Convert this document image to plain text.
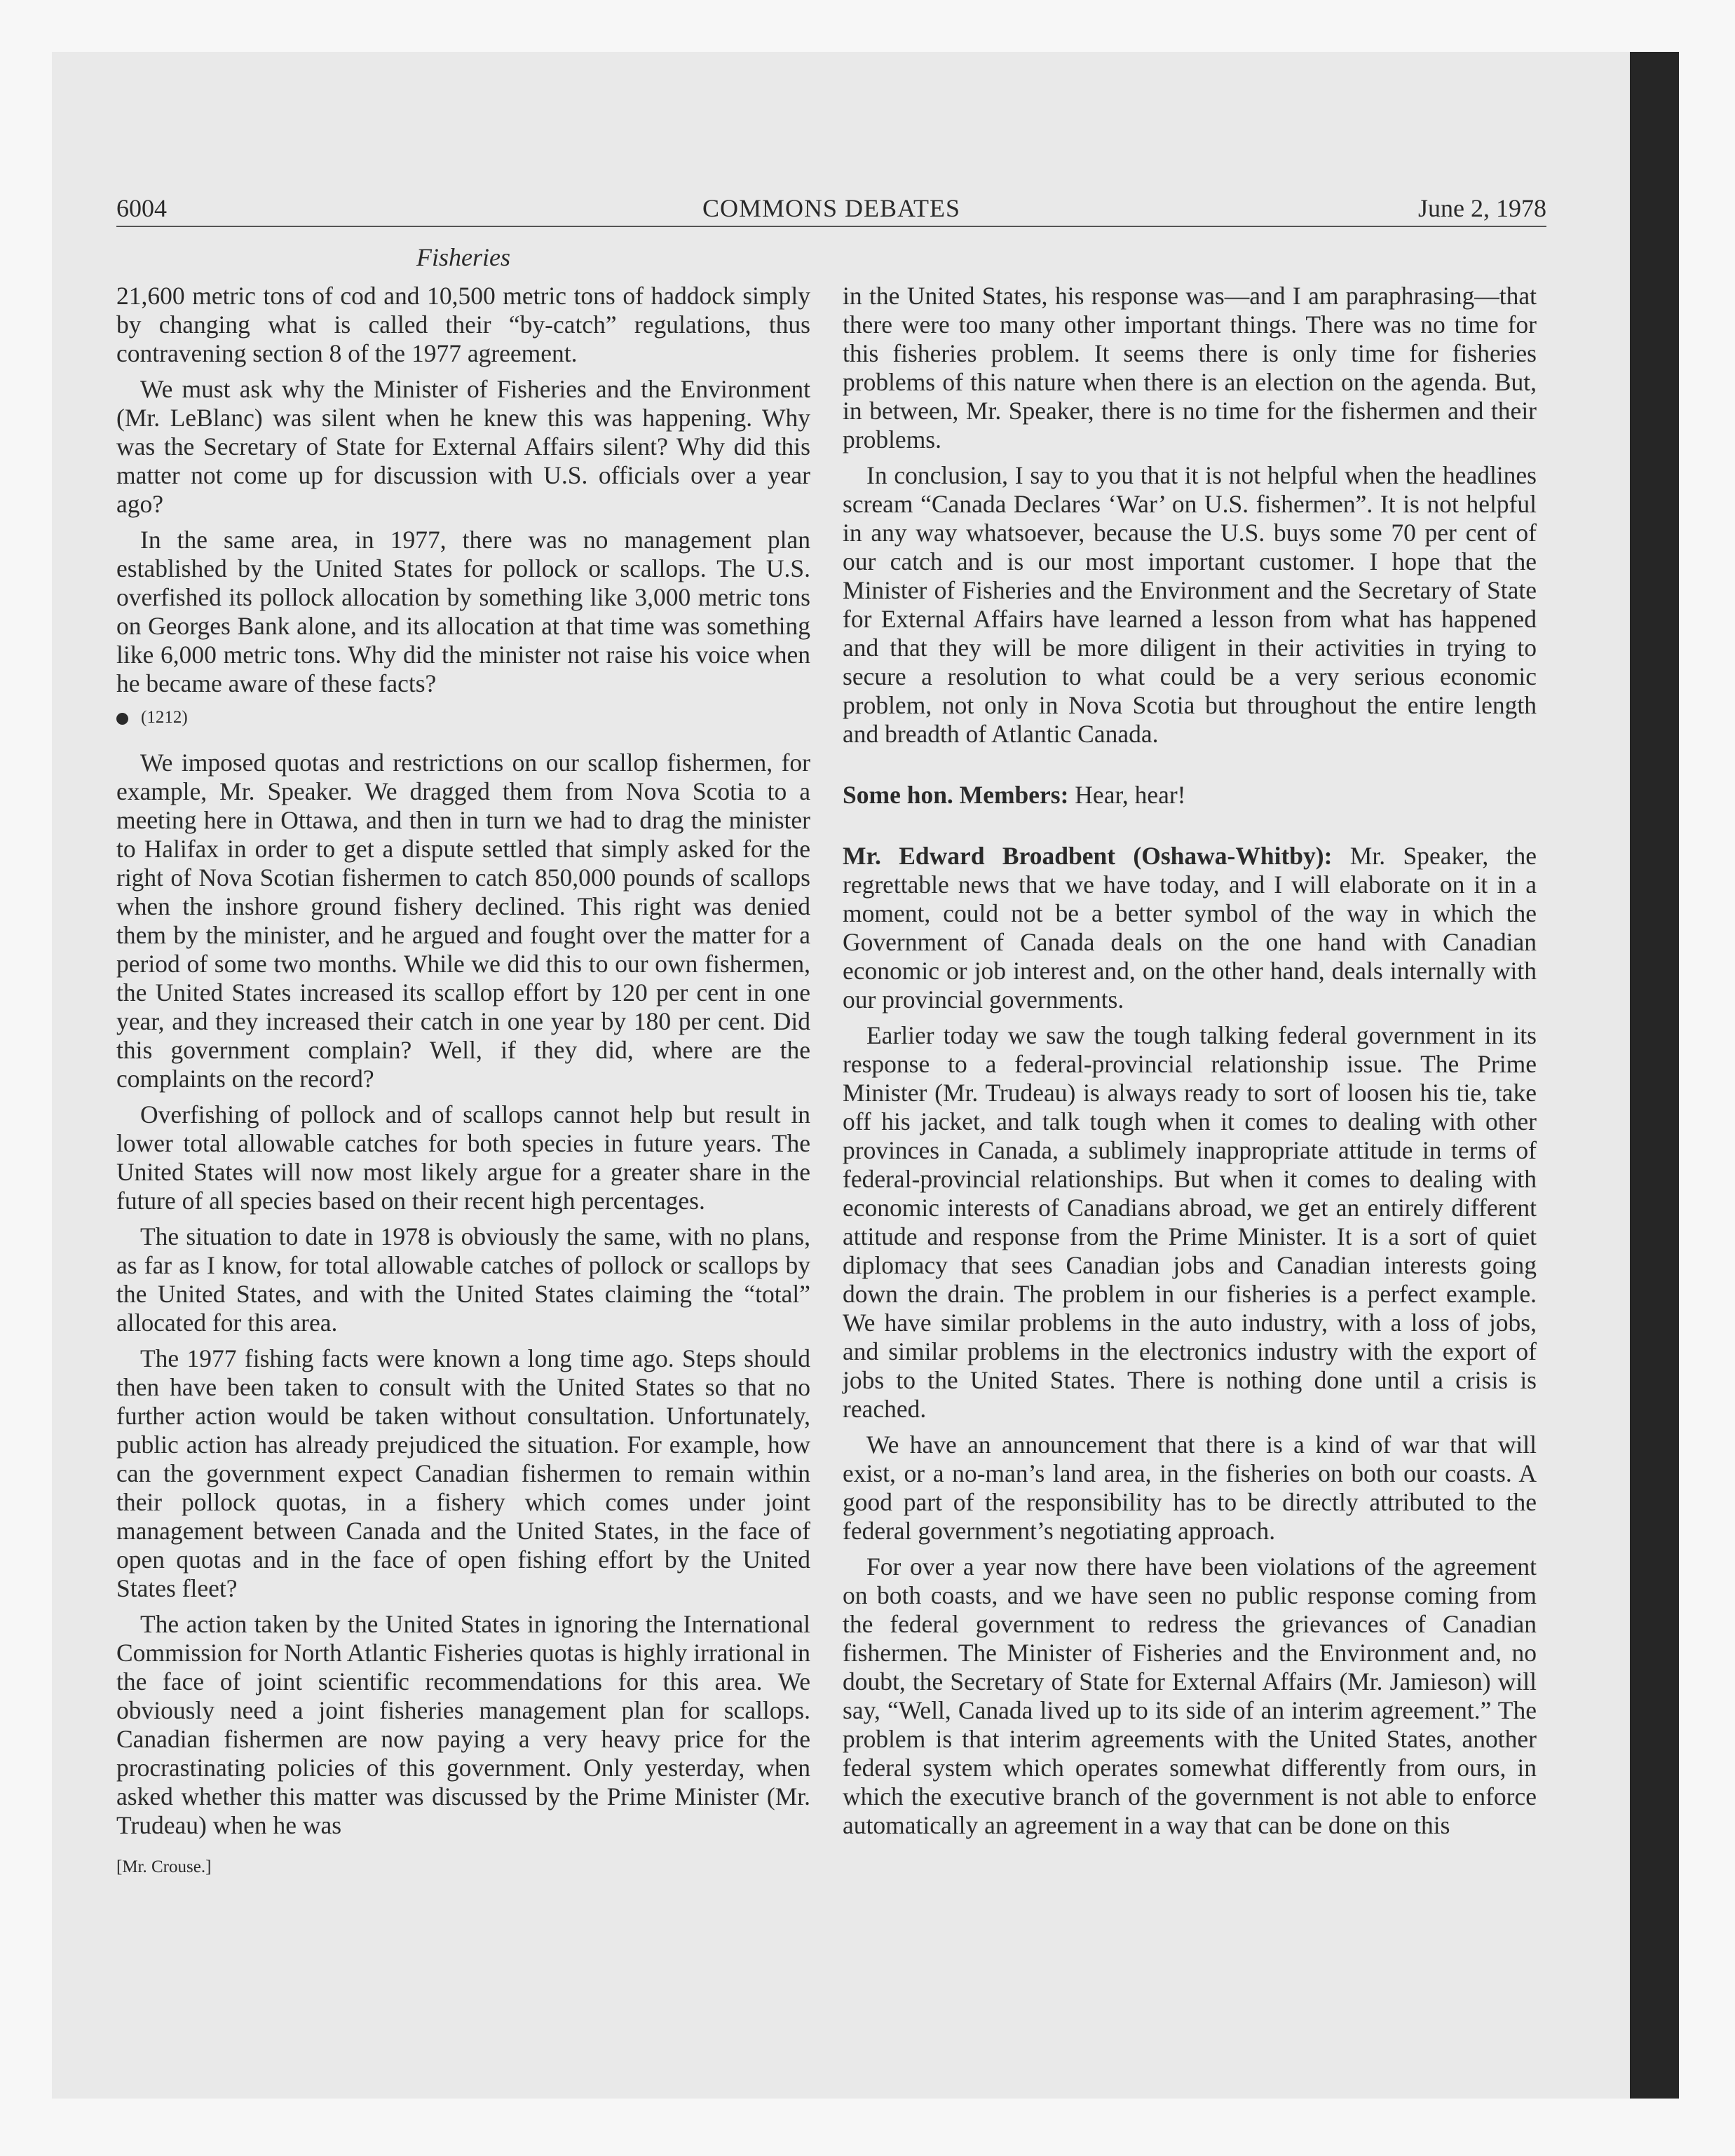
6004	COMMONS DEBATES	June 2, 1978
Fisheries

21,600 metric tons of cod and 10,500 metric tons of haddock simply by changing what is called their “by-catch” regulations, thus contravening section 8 of the 1977 agreement.

We must ask why the Minister of Fisheries and the Environment (Mr. LeBlanc) was silent when he knew this was happening. Why was the Secretary of State for External Affairs silent? Why did this matter not come up for discussion with U.S. officials over a year ago?

In the same area, in 1977, there was no management plan established by the United States for pollock or scallops. The U.S. overfished its pollock allocation by something like 3,000 metric tons on Georges Bank alone, and its allocation at that time was something like 6,000 metric tons. Why did the minister not raise his voice when he became aware of these facts?

(1212)

We imposed quotas and restrictions on our scallop fishermen, for example, Mr. Speaker. We dragged them from Nova Scotia to a meeting here in Ottawa, and then in turn we had to drag the minister to Halifax in order to get a dispute settled that simply asked for the right of Nova Scotian fishermen to catch 850,000 pounds of scallops when the inshore ground fishery declined. This right was denied them by the minister, and he argued and fought over the matter for a period of some two months. While we did this to our own fishermen, the United States increased its scallop effort by 120 per cent in one year, and they increased their catch in one year by 180 per cent. Did this government complain? Well, if they did, where are the complaints on the record?

Overfishing of pollock and of scallops cannot help but result in lower total allowable catches for both species in future years. The United States will now most likely argue for a greater share in the future of all species based on their recent high percentages.

The situation to date in 1978 is obviously the same, with no plans, as far as I know, for total allowable catches of pollock or scallops by the United States, and with the United States claiming the “total” allocated for this area.

The 1977 fishing facts were known a long time ago. Steps should then have been taken to consult with the United States so that no further action would be taken without consultation. Unfortunately, public action has already prejudiced the situation. For example, how can the government expect Canadian fishermen to remain within their pollock quotas, in a fishery which comes under joint management between Canada and the United States, in the face of open quotas and in the face of open fishing effort by the United States fleet?

The action taken by the United States in ignoring the International Commission for North Atlantic Fisheries quotas is highly irrational in the face of joint scientific recommendations for this area. We obviously need a joint fisheries management plan for scallops. Canadian fishermen are now paying a very heavy price for the procrastinating policies of this government. Only yesterday, when asked whether this matter was discussed by the Prime Minister (Mr. Trudeau) when he was

[Mr. Crouse.]

in the United States, his response was—and I am paraphrasing—that there were too many other important things. There was no time for this fisheries problem. It seems there is only time for fisheries problems of this nature when there is an election on the agenda. But, in between, Mr. Speaker, there is no time for the fishermen and their problems.

In conclusion, I say to you that it is not helpful when the headlines scream “Canada Declares ‘War’ on U.S. fishermen”. It is not helpful in any way whatsoever, because the U.S. buys some 70 per cent of our catch and is our most important customer. I hope that the Minister of Fisheries and the Environment and the Secretary of State for External Affairs have learned a lesson from what has happened and that they will be more diligent in their activities in trying to secure a resolution to what could be a very serious economic problem, not only in Nova Scotia but throughout the entire length and breadth of Atlantic Canada.

Some hon. Members: Hear, hear!

Mr. Edward Broadbent (Oshawa-Whitby): Mr. Speaker, the regrettable news that we have today, and I will elaborate on it in a moment, could not be a better symbol of the way in which the Government of Canada deals on the one hand with Canadian economic or job interest and, on the other hand, deals internally with our provincial governments.

Earlier today we saw the tough talking federal government in its response to a federal-provincial relationship issue. The Prime Minister (Mr. Trudeau) is always ready to sort of loosen his tie, take off his jacket, and talk tough when it comes to dealing with other provinces in Canada, a sublimely inappropriate attitude in terms of federal-provincial relationships. But when it comes to dealing with economic interests of Canadians abroad, we get an entirely different attitude and response from the Prime Minister. It is a sort of quiet diplomacy that sees Canadian jobs and Canadian interests going down the drain. The problem in our fisheries is a perfect example. We have similar problems in the auto industry, with a loss of jobs, and similar problems in the electronics industry with the export of jobs to the United States. There is nothing done until a crisis is reached.

We have an announcement that there is a kind of war that will exist, or a no-man’s land area, in the fisheries on both our coasts. A good part of the responsibility has to be directly attributed to the federal government’s negotiating approach.

For over a year now there have been violations of the agreement on both coasts, and we have seen no public response coming from the federal government to redress the grievances of Canadian fishermen. The Minister of Fisheries and the Environment and, no doubt, the Secretary of State for External Affairs (Mr. Jamieson) will say, “Well, Canada lived up to its side of an interim agreement.” The problem is that interim agreements with the United States, another federal system which operates somewhat differently from ours, in which the executive branch of the government is not able to enforce automatically an agreement in a way that can be done on this
